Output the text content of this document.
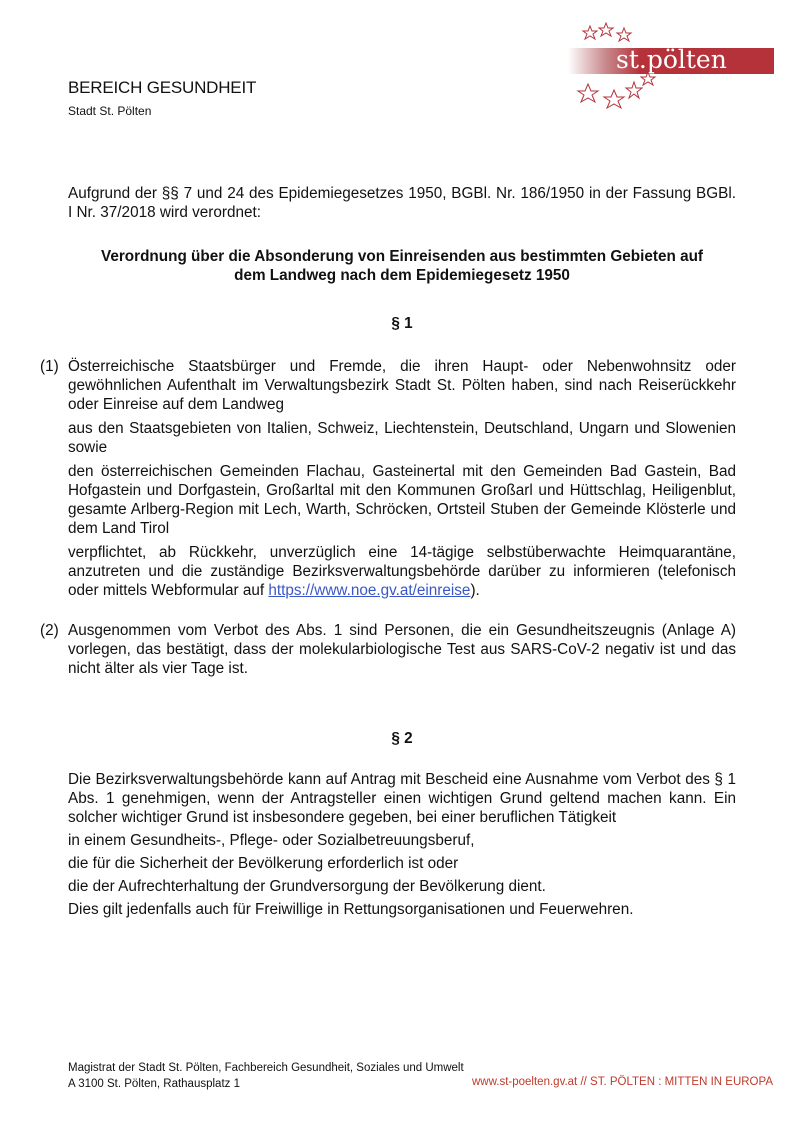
BEREICH GESUNDHEIT
Stadt St. Pölten
st.pölten
Aufgrund der §§ 7 und 24 des Epidemiegesetzes 1950, BGBl. Nr. 186/1950 in der Fassung BGBl. I Nr. 37/2018 wird verordnet:
Verordnung über die Absonderung von Einreisenden aus bestimmten Gebieten auf
dem Landweg nach dem Epidemiegesetz 1950
§ 1
(1) Österreichische Staatsbürger und Fremde, die ihren Haupt- oder Nebenwohnsitz oder gewöhnlichen Aufenthalt im Verwaltungsbezirk Stadt St. Pölten haben, sind nach Reiserückkehr oder Einreise auf dem Landweg

aus den Staatsgebieten von Italien, Schweiz, Liechtenstein, Deutschland, Ungarn und Slowenien sowie

den österreichischen Gemeinden Flachau, Gasteinertal mit den Gemeinden Bad Gastein, Bad Hofgastein und Dorfgastein, Großarltal mit den Kommunen Großarl und Hüttschlag, Heiligenblut, gesamte Arlberg-Region mit Lech, Warth, Schröcken, Ortsteil Stuben der Gemeinde Klösterle und dem Land Tirol

verpflichtet, ab Rückkehr, unverzüglich eine 14-tägige selbstüberwachte Heimquarantäne, anzutreten und die zuständige Bezirksverwaltungsbehörde darüber zu informieren (telefonisch oder mittels Webformular auf https://www.noe.gv.at/einreise).

(2) Ausgenommen vom Verbot des Abs. 1 sind Personen, die ein Gesundheitszeugnis (Anlage A) vorlegen, das bestätigt, dass der molekularbiologische Test aus SARS-CoV-2 negativ ist und das nicht älter als vier Tage ist.

§ 2

Die Bezirksverwaltungsbehörde kann auf Antrag mit Bescheid eine Ausnahme vom Verbot des § 1 Abs. 1 genehmigen, wenn der Antragsteller einen wichtigen Grund geltend machen kann. Ein solcher wichtiger Grund ist insbesondere gegeben, bei einer beruflichen Tätigkeit

in einem Gesundheits-, Pflege- oder Sozialbetreuungsberuf,

die für die Sicherheit der Bevölkerung erforderlich ist oder

die der Aufrechterhaltung der Grundversorgung der Bevölkerung dient.

Dies gilt jedenfalls auch für Freiwillige in Rettungsorganisationen und Feuerwehren.

Magistrat der Stadt St. Pölten, Fachbereich Gesundheit, Soziales und Umwelt
A 3100 St. Pölten, Rathausplatz 1	www.st-poelten.gv.at // ST. PÖLTEN : MITTEN IN EUROPA
